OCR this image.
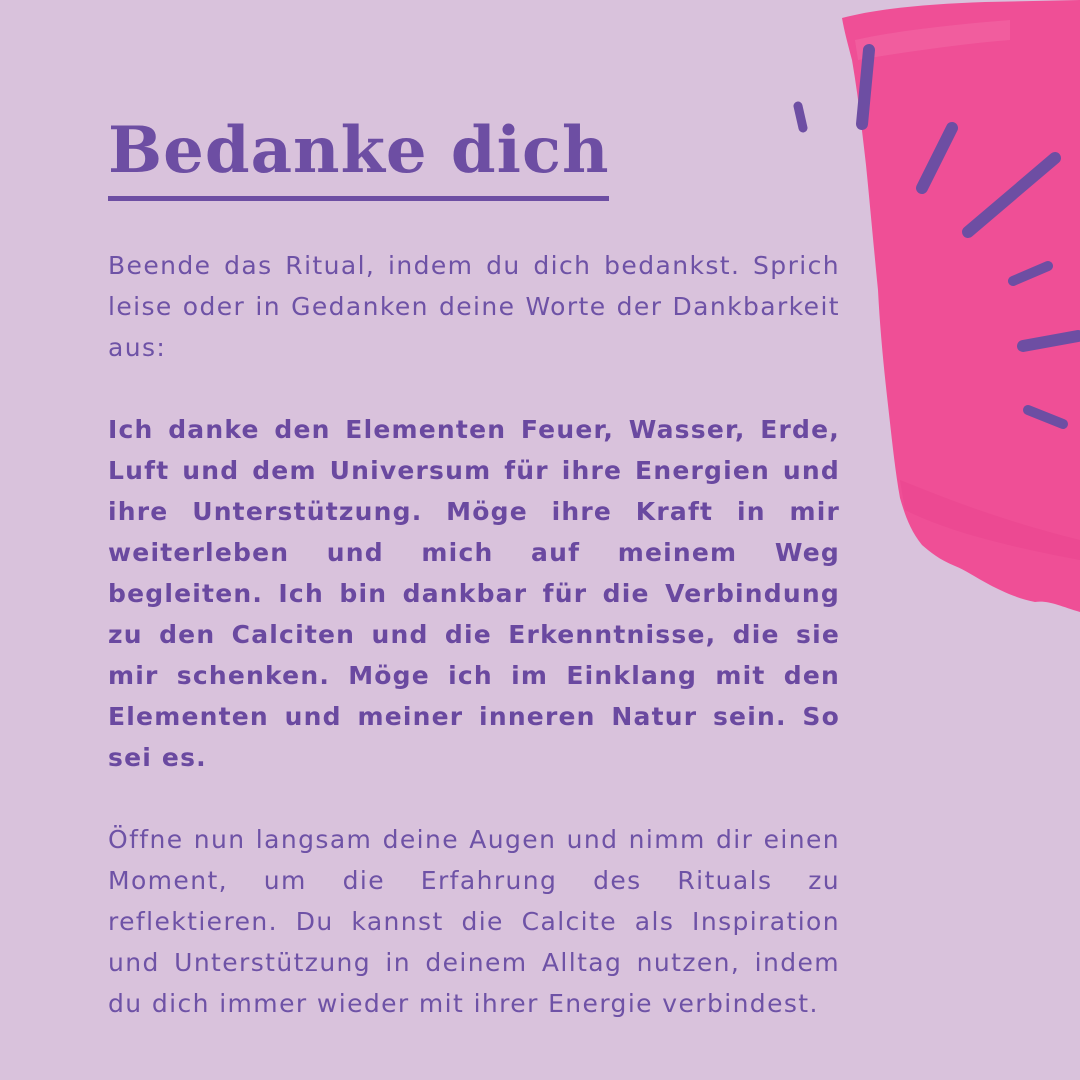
Bedanke dich

Beende das Ritual, indem du dich bedankst. Sprich leise oder in Gedanken deine Worte der Dankbarkeit aus:

Ich danke den Elementen Feuer, Wasser, Erde, Luft und dem Universum für ihre Energien und ihre Unterstützung. Möge ihre Kraft in mir weiterleben und mich auf meinem Weg begleiten. Ich bin dankbar für die Verbindung zu den Calciten und die Erkenntnisse, die sie mir schenken. Möge ich im Einklang mit den Elementen und meiner inneren Natur sein. So sei es.

Öffne nun langsam deine Augen und nimm dir einen Moment, um die Erfahrung des Rituals zu reflektieren. Du kannst die Calcite als Inspiration und Unterstützung in deinem Alltag nutzen, indem du dich immer wieder mit ihrer Energie verbindest.
